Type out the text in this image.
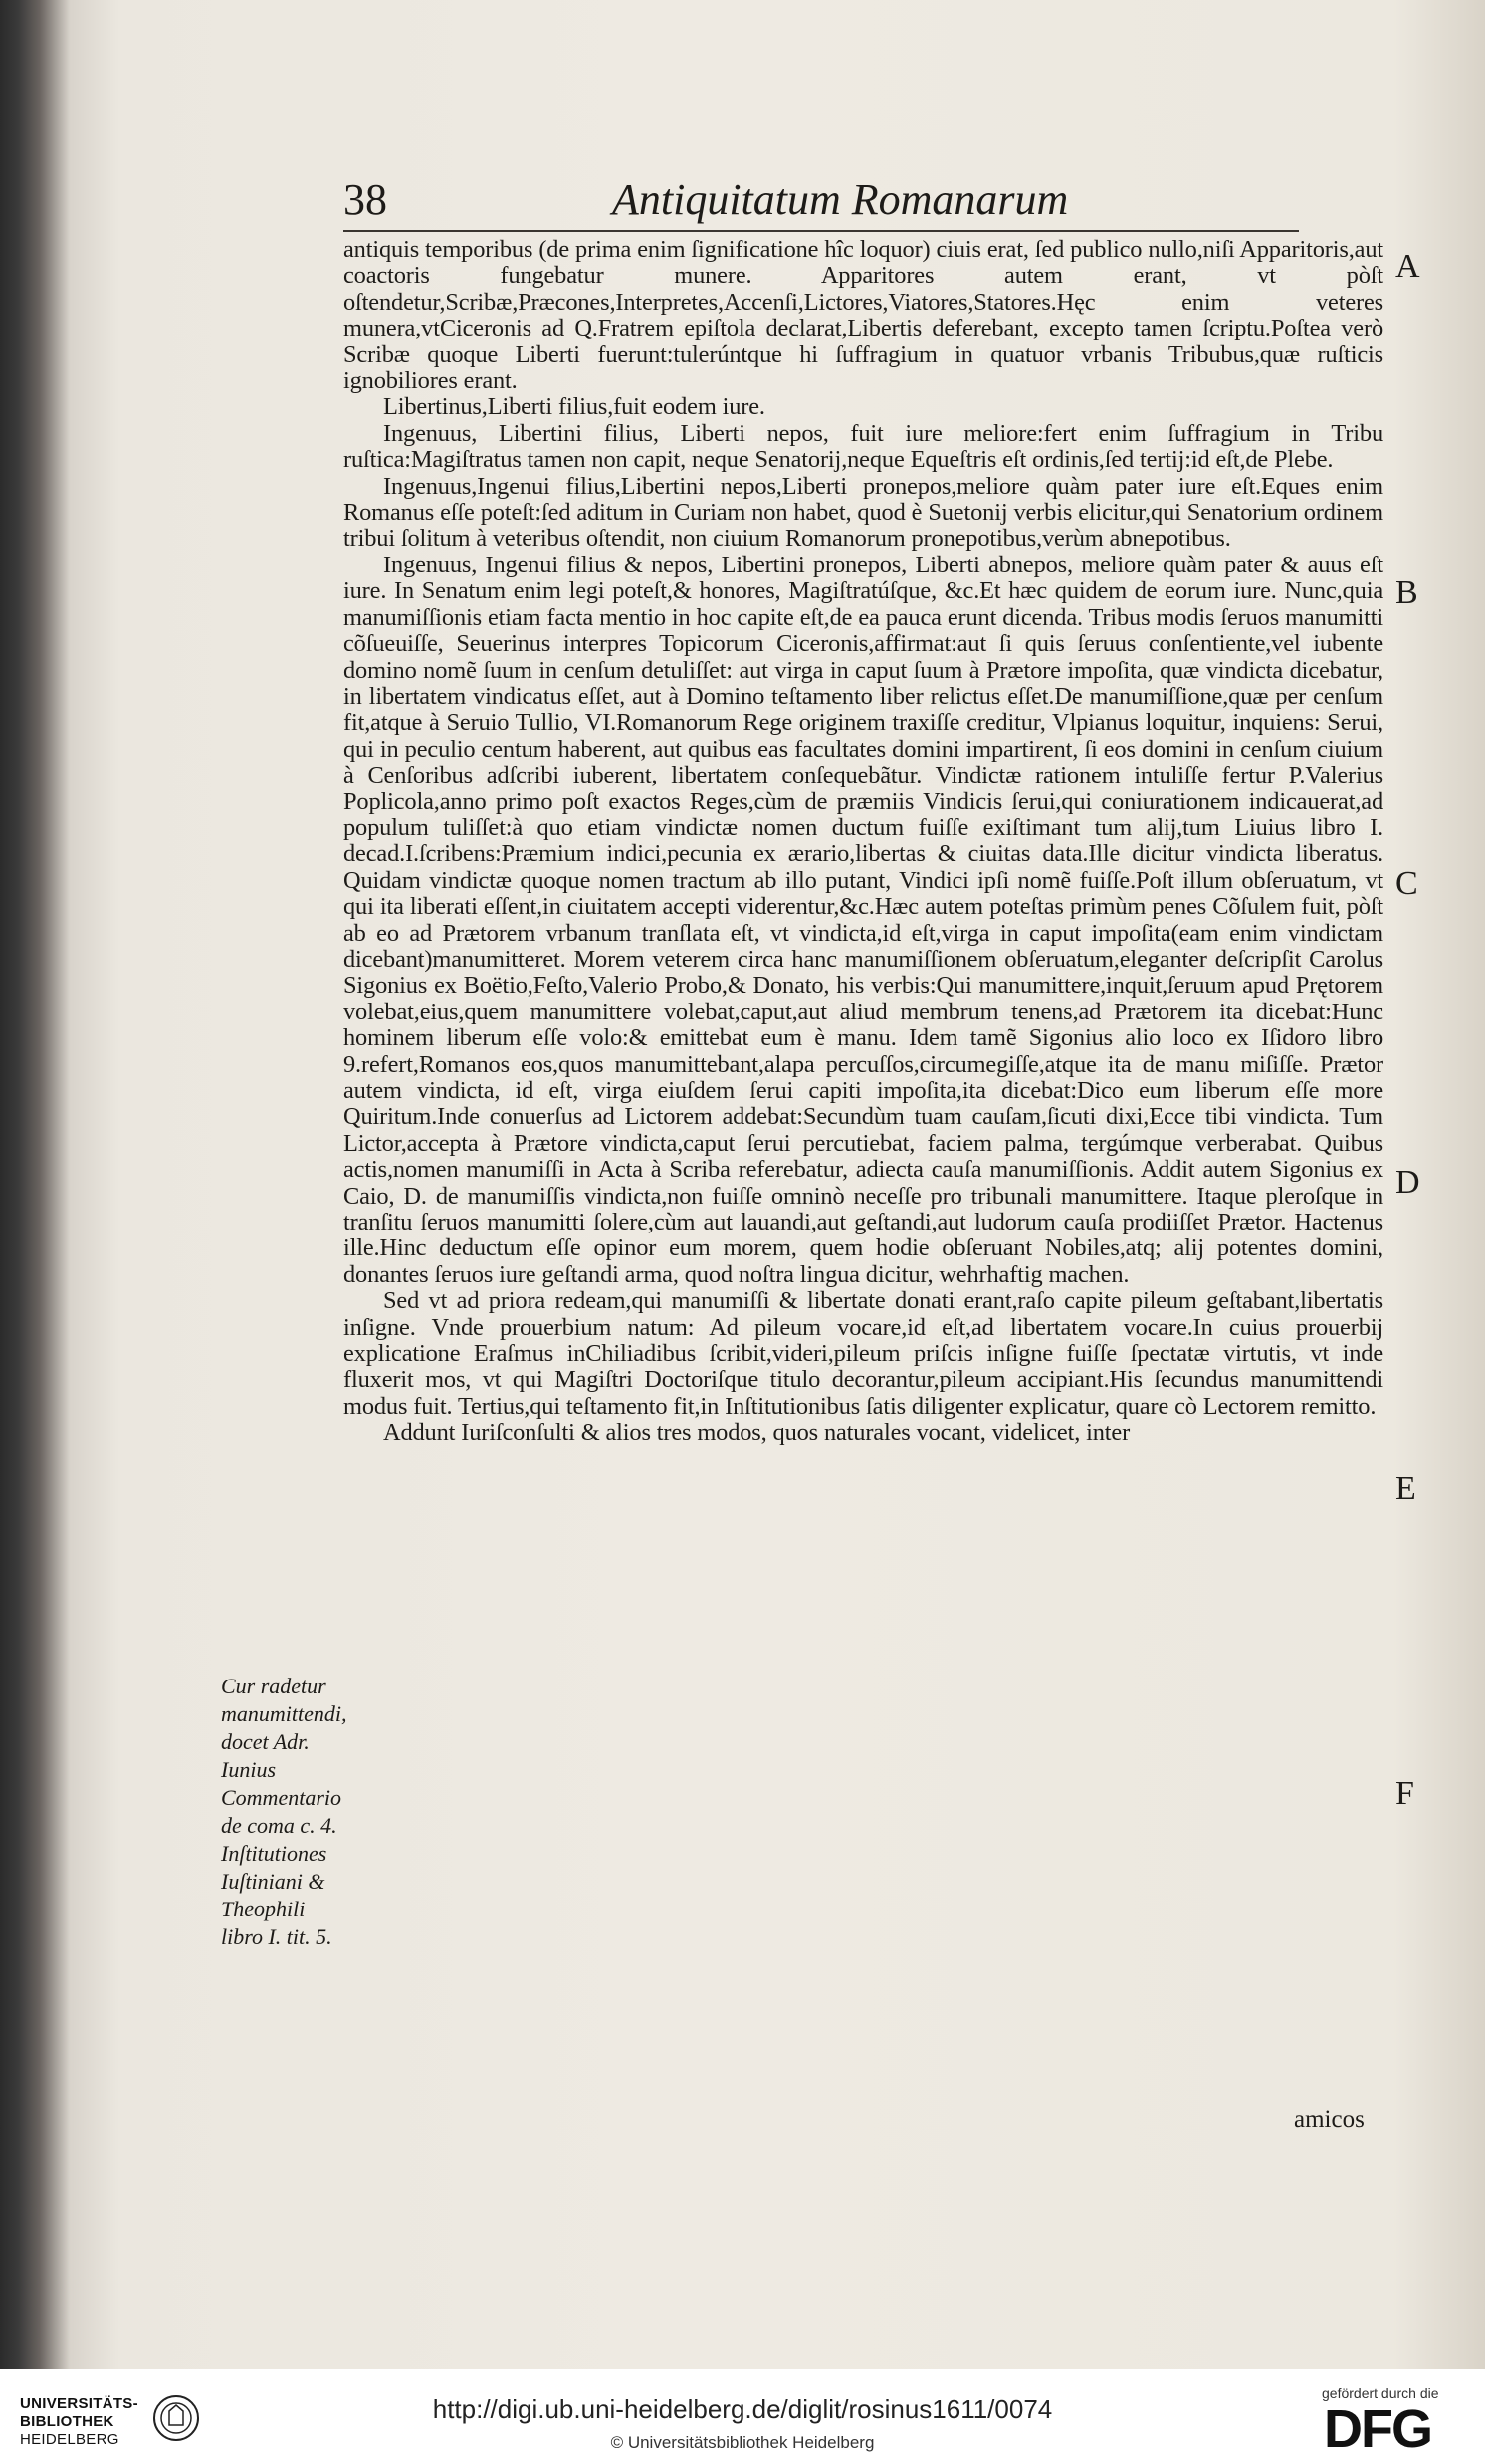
38	Antiquitatum Romanarum

antiquis temporibus (de prima enim ſignificatione hîc loquor) ciuis erat, ſed publico nullo,niſi Apparitoris,aut coactoris fungebatur munere. Apparitores autem erant, vt pòſt oſtendetur,Scribæ,Præcones,Interpretes,Accenſi,Lictores,Viatores,Statores.Hęc enim veteres munera,vtCiceronis ad Q.Fratrem epiſtola declarat,Libertis deferebant, excepto tamen ſcriptu.Poſtea verò Scribæ quoque Liberti fuerunt:tulerúntque hi ſuffragium in quatuor vrbanis Tribubus,quæ ruſticis ignobiliores erant.

Libertinus,Liberti filius,fuit eodem iure.

Ingenuus, Libertini filius, Liberti nepos, fuit iure meliore:fert enim ſuffragium in Tribu ruſtica:Magiſtratus tamen non capit, neque Senatorij,neque Equeſtris eſt ordinis,ſed tertij:id eſt,de Plebe.

Ingenuus,Ingenui filius,Libertini nepos,Liberti pronepos,meliore quàm pater iure eſt.Eques enim Romanus eſſe poteſt:ſed aditum in Curiam non habet, quod è Suetonij verbis elicitur,qui Senatorium ordinem tribui ſolitum à veteribus oſtendit, non ciuium Romanorum pronepotibus,verùm abnepotibus.

Ingenuus, Ingenui filius & nepos, Libertini pronepos, Liberti abnepos, meliore quàm pater & auus eſt iure. In Senatum enim legi poteſt,& honores, Magiſtratúſque, &c.Et hæc quidem de eorum iure. Nunc,quia manumiſſionis etiam facta mentio in hoc capite eſt,de ea pauca erunt dicenda. Tribus modis ſeruos manumitti cõſueuiſſe, Seuerinus interpres Topicorum Ciceronis,affirmat:aut ſi quis ſeruus conſentiente,vel iubente domino nomẽ ſuum in cenſum detuliſſet: aut virga in caput ſuum à Prætore impoſita, quæ vindicta dicebatur, in libertatem vindicatus eſſet, aut à Domino teſtamento liber relictus eſſet.De manumiſſione,quæ per cenſum fit,atque à Seruio Tullio, VI.Romanorum Rege originem traxiſſe creditur, Vlpianus loquitur, inquiens: Serui, qui in peculio centum haberent, aut quibus eas facultates domini impartirent, ſi eos domini in cenſum ciuium à Cenſoribus adſcribi iuberent, libertatem conſequebãtur. Vindictæ rationem intuliſſe fertur P.Valerius Poplicola,anno primo poſt exactos Reges,cùm de præmiis Vindicis ſerui,qui coniurationem indicauerat,ad populum tuliſſet:à quo etiam vindictæ nomen ductum fuiſſe exiſtimant tum alij,tum Liuius libro I. decad.I.ſcribens:Præmium indici,pecunia ex ærario,libertas & ciuitas data.Ille dicitur vindicta liberatus. Quidam vindictæ quoque nomen tractum ab illo putant, Vindici ipſi nomẽ fuiſſe.Poſt illum obſeruatum, vt qui ita liberati eſſent,in ciuitatem accepti viderentur,&c.Hæc autem poteſtas primùm penes Cõſulem fuit, pòſt ab eo ad Prætorem vrbanum tranſlata eſt, vt vindicta,id eſt,virga in caput impoſita(eam enim vindictam dicebant)manumitteret. Morem veterem circa hanc manumiſſionem obſeruatum,eleganter deſcripſit Carolus Sigonius ex Boëtio,Feſto,Valerio Probo,& Donato, his verbis:Qui manumittere,inquit,ſeruum apud Prętorem volebat,eius,quem manumittere volebat,caput,aut aliud membrum tenens,ad Prætorem ita dicebat:Hunc hominem liberum eſſe volo:& emittebat eum è manu. Idem tamẽ Sigonius alio loco ex Iſidoro libro 9.refert,Romanos eos,quos manumittebant,alapa percuſſos,circumegiſſe,atque ita de manu miſiſſe. Prætor autem vindicta, id eſt, virga eiuſdem ſerui capiti impoſita,ita dicebat:Dico eum liberum eſſe more Quiritum.Inde conuerſus ad Lictorem addebat:Secundùm tuam cauſam,ſicuti dixi,Ecce tibi vindicta. Tum Lictor,accepta à Prætore vindicta,caput ſerui percutiebat, faciem palma, tergúmque verberabat. Quibus actis,nomen manumiſſi in Acta à Scriba referebatur, adiecta cauſa manumiſſionis. Addit autem Sigonius ex Caio, D. de manumiſſis vindicta,non fuiſſe omninò neceſſe pro tribunali manumittere. Itaque pleroſque in tranſitu ſeruos manumitti ſolere,cùm aut lauandi,aut geſtandi,aut ludorum cauſa prodiiſſet Prætor. Hactenus ille.Hinc deductum eſſe opinor eum morem, quem hodie obſeruant Nobiles,atq; alij potentes domini, donantes ſeruos iure geſtandi arma, quod noſtra lingua dicitur, wehrhaftig machen.

Sed vt ad priora redeam,qui manumiſſi & libertate donati erant,raſo capite pileum geſtabant,libertatis inſigne. Vnde prouerbium natum: Ad pileum vocare,id eſt,ad libertatem vocare.In cuius prouerbij explicatione Eraſmus inChiliadibus ſcribit,videri,pileum priſcis inſigne fuiſſe ſpectatæ virtutis, vt inde fluxerit mos, vt qui Magiſtri Doctoriſque titulo decorantur,pileum accipiant.His ſecundus manumittendi modus fuit. Tertius,qui teſtamento fit,in Inſtitutionibus ſatis diligenter explicatur, quare cò Lectorem remitto.

Addunt Iuriſconſulti & alios tres modos, quos naturales vocant, videlicet, inter

amicos
A
B
C
D
E
F
Cur radetur manumittendi, docet Adr. Iunius Commentario de coma c. 4. Inſtitutiones Iuſtiniani & Theophili libro I. tit. 5.
UNIVERSITÄTS-
BIBLIOTHEK
HEIDELBERG
http://digi.ub.uni-heidelberg.de/diglit/rosinus1611/0074
© Universitätsbibliothek Heidelberg
gefördert durch die
DFG
